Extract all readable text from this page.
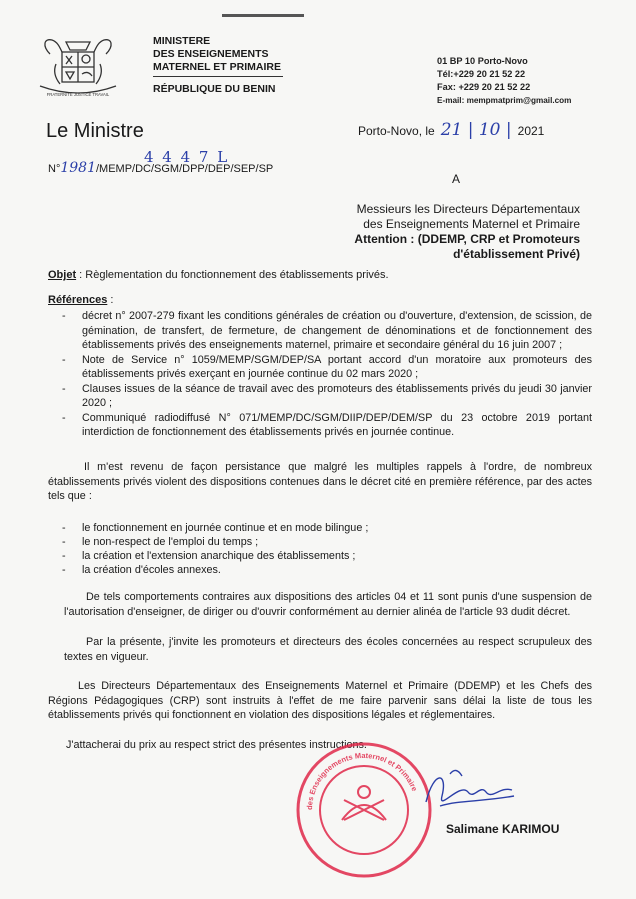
FRATERNITÉ JUSTICE TRAVAIL
MINISTERE
DES ENSEIGNEMENTS
MATERNEL ET PRIMAIRE
RÉPUBLIQUE DU BENIN
01 BP 10 Porto-Novo
Tél:+229 20 21 52 22
Fax: +229 20 21 52 22
E-mail: mempmatprim@gmail.com
Le Ministre
N°1981/MEMP/DC/SGM/DPP/DEP/SEP/SP
4 4 4 7 L
Porto-Novo, le 21 | 10 | 2021
A
Messieurs les Directeurs Départementaux
des Enseignements Maternel et Primaire
Attention : (DDEMP, CRP et Promoteurs
d'établissement Privé)
Objet : Règlementation du fonctionnement des établissements privés.
Références :
- décret n° 2007-279 fixant les conditions générales de création ou d'ouverture, d'extension, de scission, de gémination, de transfert, de fermeture, de changement de dénominations et de fonctionnement des établissements privés des enseignements maternel, primaire et secondaire général du 16 juin 2007 ;
- Note de Service n° 1059/MEMP/SGM/DEP/SA portant accord d'un moratoire aux promoteurs des établissements privés exerçant en journée continue du 02 mars 2020 ;
- Clauses issues de la séance de travail avec des promoteurs des établissements privés du jeudi 30 janvier 2020 ;
- Communiqué radiodiffusé N° 071/MEMP/DC/SGM/DIIP/DEP/DEM/SP du 23 octobre 2019 portant interdiction de fonctionnement des établissements privés en journée continue.
Il m'est revenu de façon persistance que malgré les multiples rappels à l'ordre, de nombreux établissements privés violent des dispositions contenues dans le décret cité en première référence, par des actes tels que :
- le fonctionnement en journée continue et en mode bilingue ;
- le non-respect de l'emploi du temps ;
- la création et l'extension anarchique des établissements ;
- la création d'écoles annexes.
De tels comportements contraires aux dispositions des articles 04 et 11 sont punis d'une suspension de l'autorisation d'enseigner, de diriger ou d'ouvrir conformément au dernier alinéa de l'article 93 dudit décret.
Par la présente, j'invite les promoteurs et directeurs des écoles concernées au respect scrupuleux des textes en vigueur.
Les Directeurs Départementaux des Enseignements Maternel et Primaire (DDEMP) et les Chefs des Régions Pédagogiques (CRP) sont instruits à l'effet de me faire parvenir sans délai la liste de tous les établissements privés qui fonctionnent en violation des dispositions légales et réglementaires.
J'attacherai du prix au respect strict des présentes instructions.
des Enseignements Maternel et Primaire
Salimane KARIMOU
